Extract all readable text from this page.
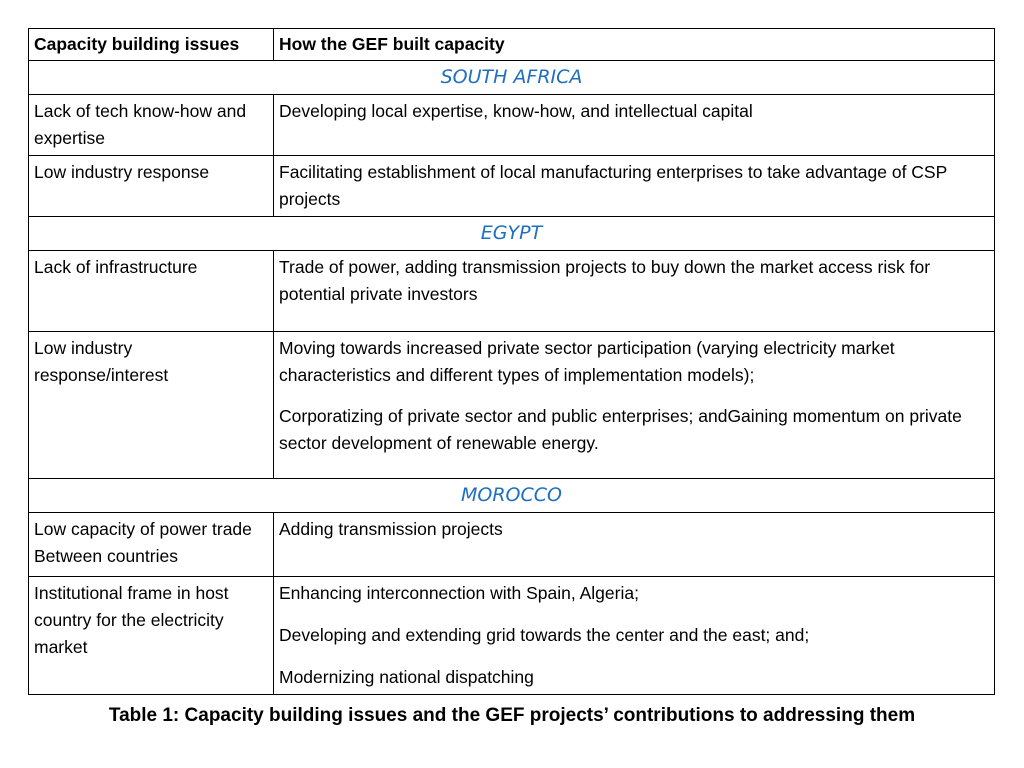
Capacity building issues	How the GEF built capacity
SOUTH AFRICA	
Lack of tech know-how and expertise	Developing local expertise, know-how, and intellectual capital

Low industry response	Facilitating establishment of local manufacturing enterprises to take advantage of CSP projects

EGYPT	
Lack of infrastructure	Trade of power, adding transmission projects to buy down the market access risk for potential private investors

Low industry response/interest	Moving towards increased private sector participation (varying electricity market characteristics and different types of implementation models);

Corporatizing of private sector and public enterprises; andGaining momentum on private sector development of renewable energy.

MOROCCO	
Low capacity of power trade Between countries	Adding transmission projects

Institutional frame in host country for the electricity market	Enhancing interconnection with Spain, Algeria;

Developing and extending grid towards the center and the east; and;

Modernizing national dispatching

Table 1: Capacity building issues and the GEF projects’ contributions to addressing them
